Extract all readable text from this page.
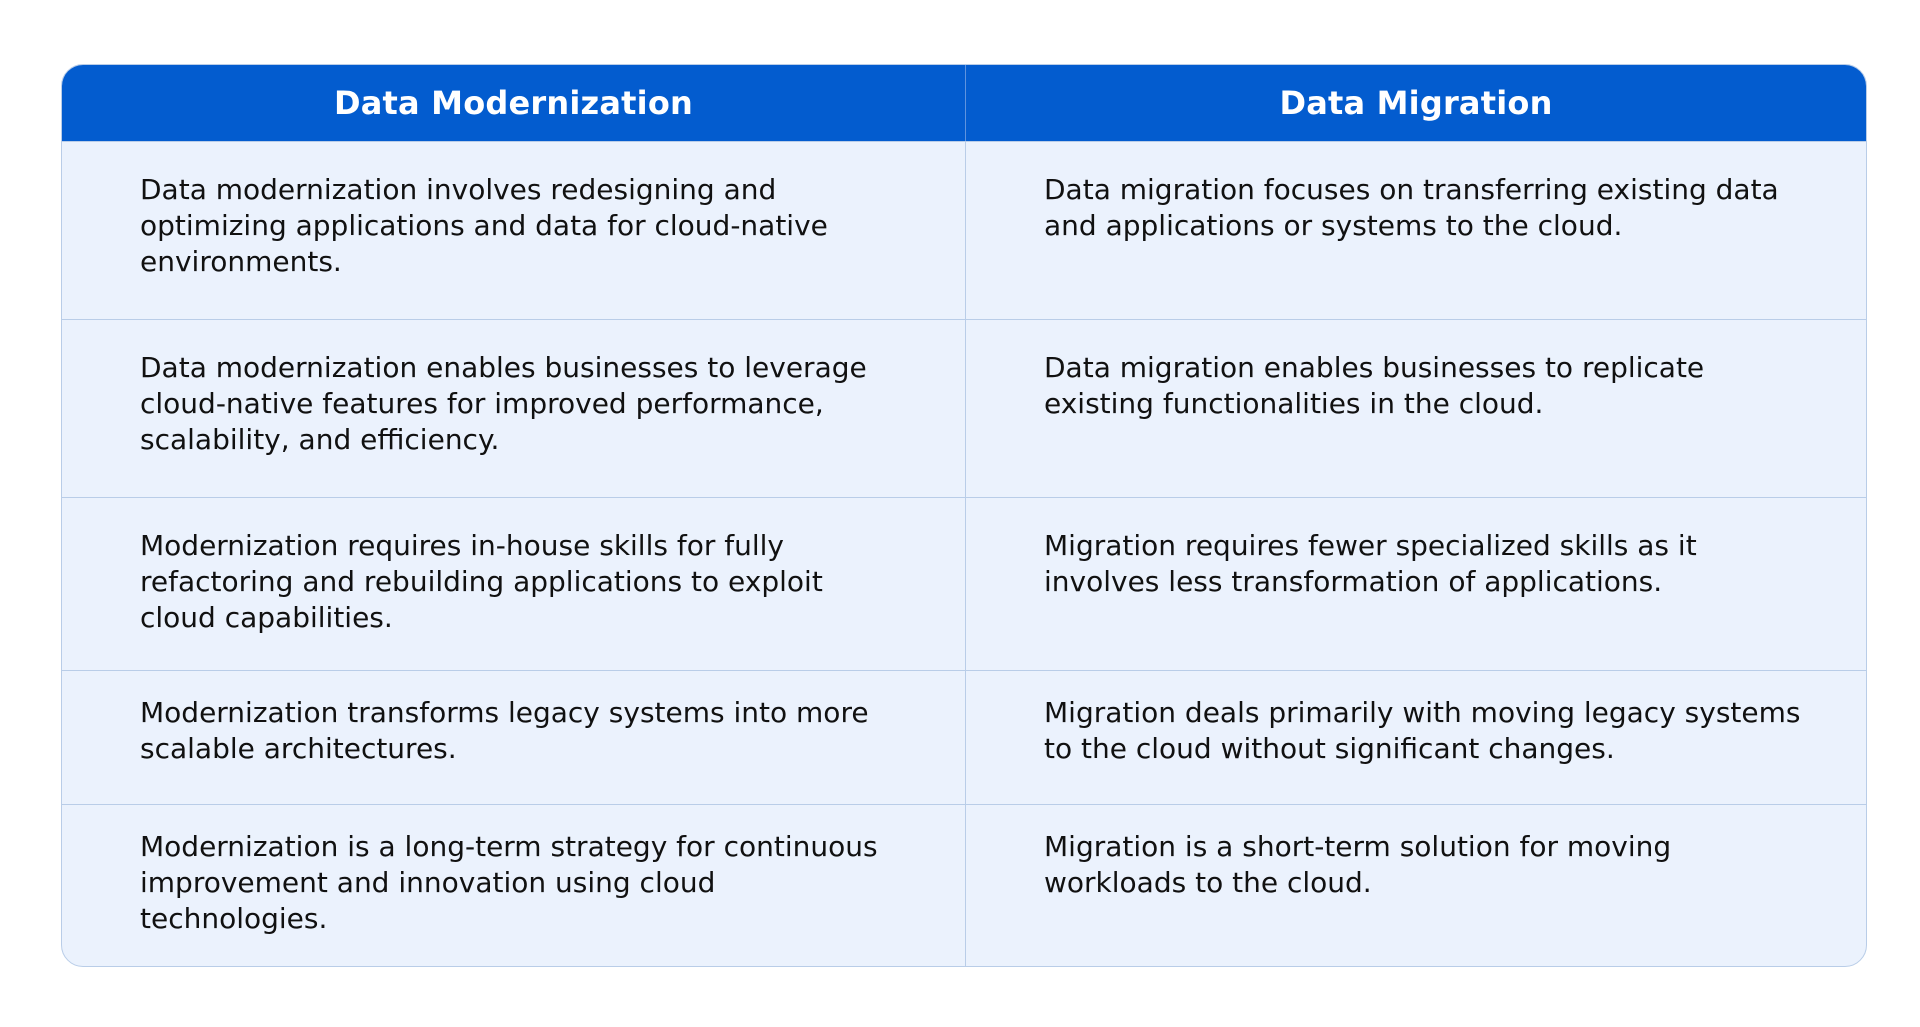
Data Modernization	Data Migration
Data modernization involves redesigning and optimizing applications and data for cloud-native environments.
Data migration focuses on transferring existing data and applications or systems to the cloud.
Data modernization enables businesses to leverage cloud-native features for improved performance, scalability, and efficiency.
Data migration enables businesses to replicate existing functionalities in the cloud.
Modernization requires in-house skills for fully refactoring and rebuilding applications to exploit cloud capabilities.
Migration requires fewer specialized skills as it involves less transformation of applications.
Modernization transforms legacy systems into more scalable architectures.
Migration deals primarily with moving legacy systems to the cloud without significant changes.
Modernization is a long-term strategy for continuous improvement and innovation using cloud technologies.
Migration is a short-term solution for moving workloads to the cloud.
